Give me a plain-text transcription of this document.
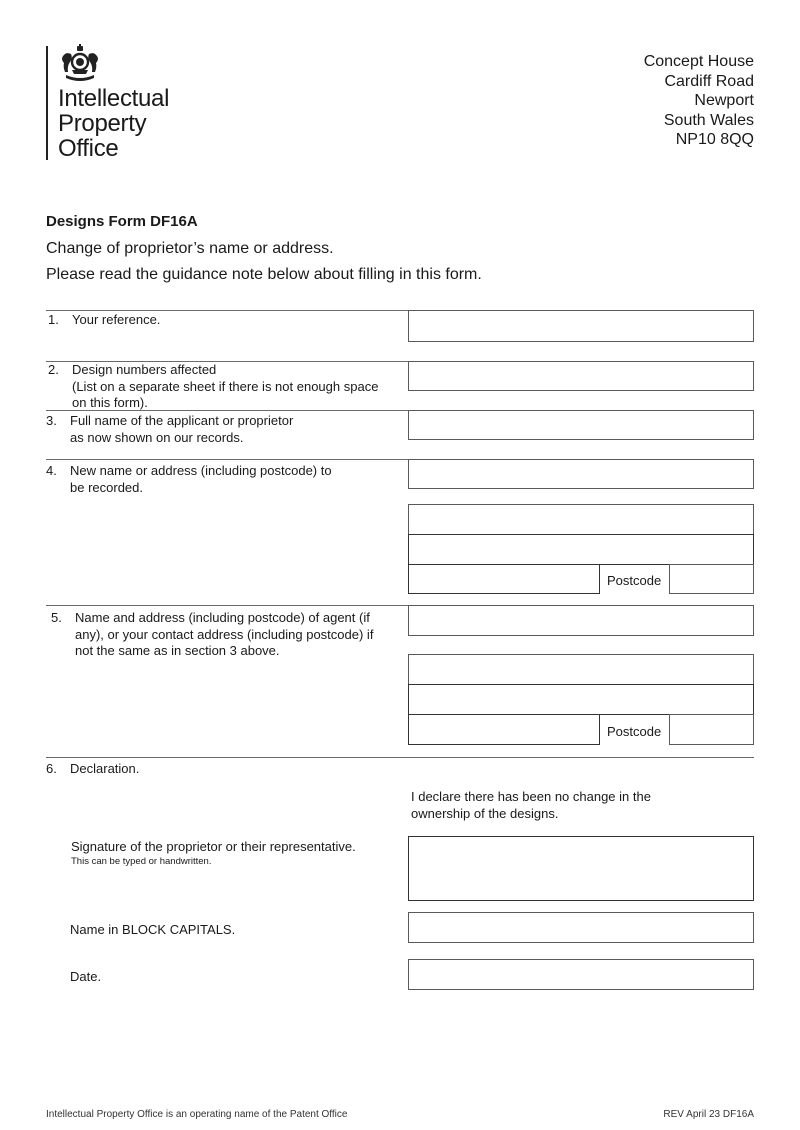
Intellectual
Property
Office
Concept House
Cardiff Road
Newport
South Wales
NP10 8QQ
Designs Form DF16A
Change of proprietor’s name or address.
Please read the guidance note below about filling in this form.
1. Your reference.
2. Design numbers affected
(List on a separate sheet if there is not enough space
on this form).
3. Full name of the applicant or proprietor
as now shown on our records.
4. New name or address (including postcode) to
be recorded.
Postcode
5. Name and address (including postcode) of agent (if
any), or your contact address (including postcode) if
not the same as in section 3 above.
Postcode
6. Declaration.
I declare there has been no change in the
ownership of the designs.
Signature of the proprietor or their representative.
This can be typed or handwritten.
Name in BLOCK CAPITALS.
Date.
Intellectual Property Office is an operating name of the Patent Office	REV April 23 DF16A
